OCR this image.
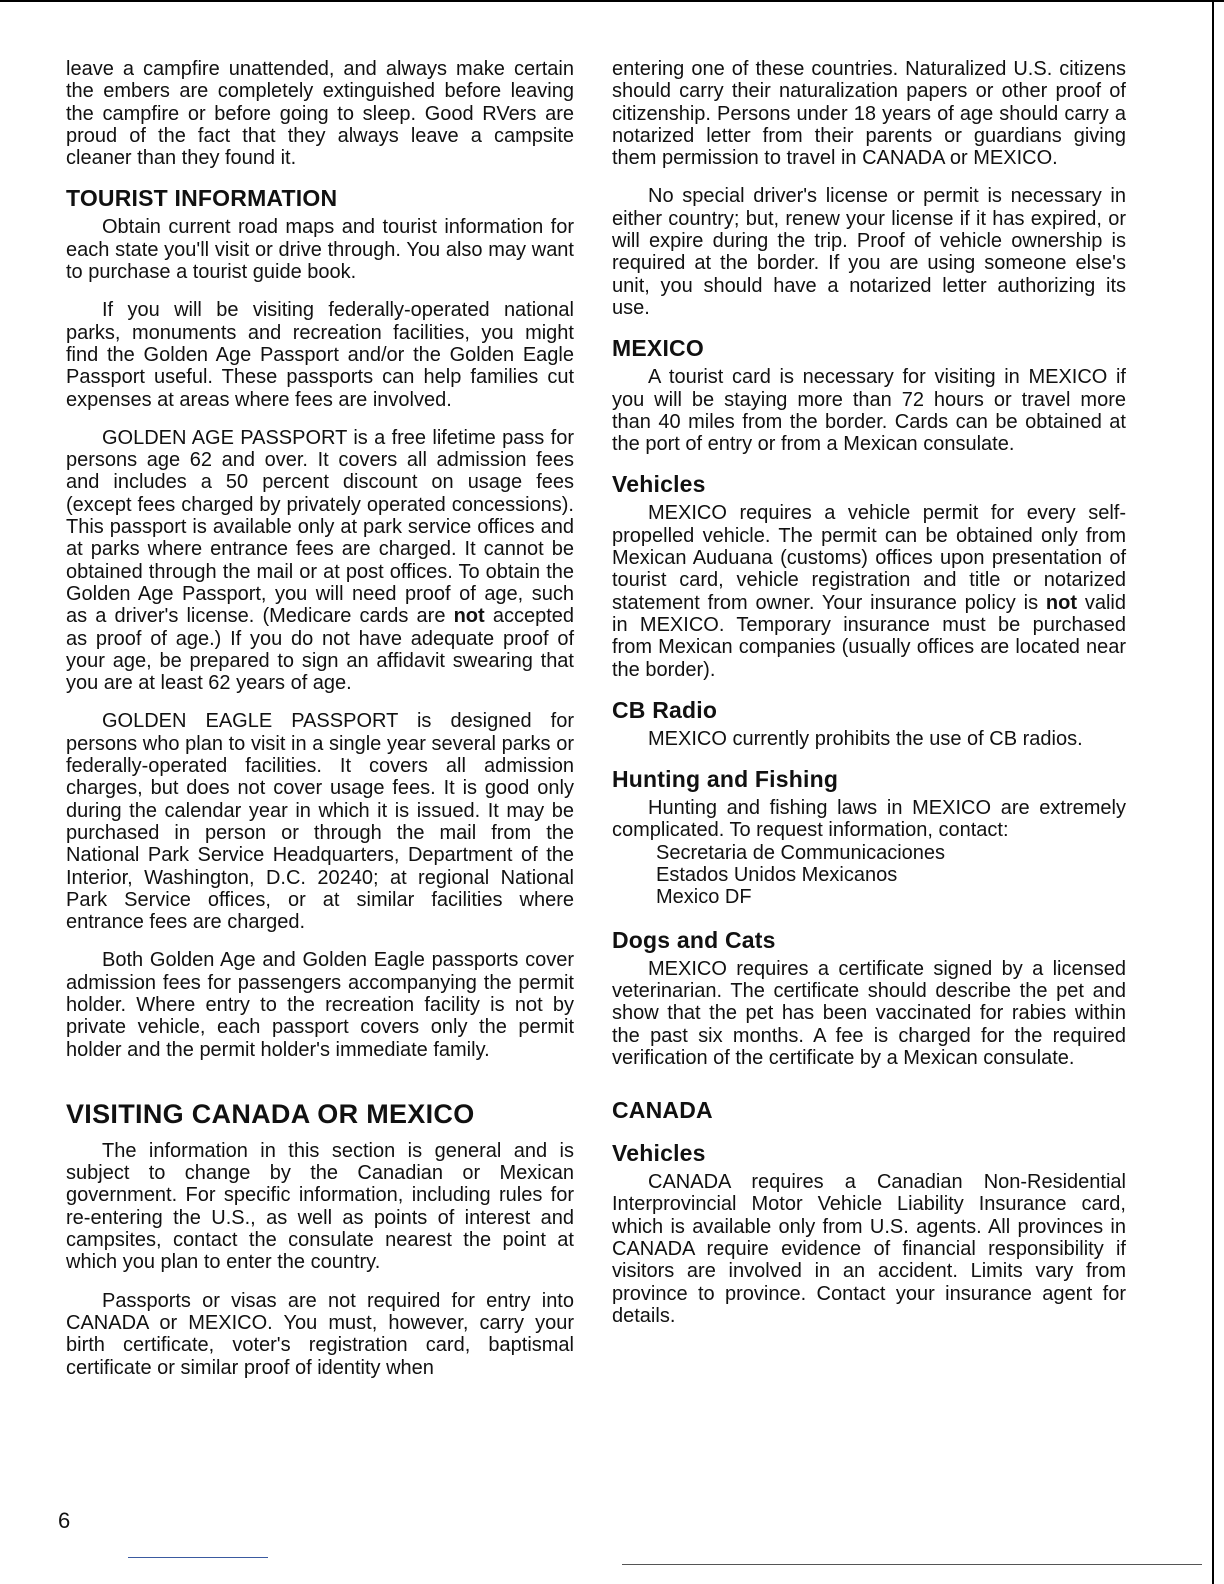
leave a campfire unattended, and always make certain the embers are completely extinguished before leaving the campfire or before going to sleep. Good RVers are proud of the fact that they always leave a campsite cleaner than they found it.

TOURIST INFORMATION

Obtain current road maps and tourist information for each state you'll visit or drive through. You also may want to purchase a tourist guide book.

If you will be visiting federally-operated national parks, monuments and recreation facilities, you might find the Golden Age Passport and/or the Golden Eagle Passport useful. These passports can help families cut expenses at areas where fees are involved.

GOLDEN AGE PASSPORT is a free lifetime pass for persons age 62 and over. It covers all admission fees and includes a 50 percent discount on usage fees (except fees charged by privately operated concessions). This passport is available only at park service offices and at parks where entrance fees are charged. It cannot be obtained through the mail or at post offices. To obtain the Golden Age Passport, you will need proof of age, such as a driver's license. (Medicare cards are not accepted as proof of age.) If you do not have adequate proof of your age, be prepared to sign an affidavit swearing that you are at least 62 years of age.

GOLDEN EAGLE PASSPORT is designed for persons who plan to visit in a single year several parks or federally-operated facilities. It covers all admission charges, but does not cover usage fees. It is good only during the calendar year in which it is issued. It may be purchased in person or through the mail from the National Park Service Headquarters, Department of the Interior, Washington, D.C. 20240; at regional National Park Service offices, or at similar facilities where entrance fees are charged.

Both Golden Age and Golden Eagle passports cover admission fees for passengers accompanying the permit holder. Where entry to the recreation facility is not by private vehicle, each passport covers only the permit holder and the permit holder's immediate family.

VISITING CANADA OR MEXICO

The information in this section is general and is subject to change by the Canadian or Mexican government. For specific information, including rules for re-entering the U.S., as well as points of interest and campsites, contact the consulate nearest the point at which you plan to enter the country.

Passports or visas are not required for entry into CANADA or MEXICO. You must, however, carry your birth certificate, voter's registration card, baptismal certificate or similar proof of identity when

entering one of these countries. Naturalized U.S. citizens should carry their naturalization papers or other proof of citizenship. Persons under 18 years of age should carry a notarized letter from their parents or guardians giving them permission to travel in CANADA or MEXICO.

No special driver's license or permit is necessary in either country; but, renew your license if it has expired, or will expire during the trip. Proof of vehicle ownership is required at the border. If you are using someone else's unit, you should have a notarized letter authorizing its use.

MEXICO

A tourist card is necessary for visiting in MEXICO if you will be staying more than 72 hours or travel more than 40 miles from the border. Cards can be obtained at the port of entry or from a Mexican consulate.

Vehicles

MEXICO requires a vehicle permit for every self-propelled vehicle. The permit can be obtained only from Mexican Auduana (customs) offices upon presentation of tourist card, vehicle registration and title or notarized statement from owner. Your insurance policy is not valid in MEXICO. Temporary insurance must be purchased from Mexican companies (usually offices are located near the border).

CB Radio

MEXICO currently prohibits the use of CB radios.

Hunting and Fishing

Hunting and fishing laws in MEXICO are extremely complicated. To request information, contact:

Secretaria de Communicaciones
Estados Unidos Mexicanos
Mexico DF
Dogs and Cats

MEXICO requires a certificate signed by a licensed veterinarian. The certificate should describe the pet and show that the pet has been vaccinated for rabies within the past six months. A fee is charged for the required verification of the certificate by a Mexican consulate.

CANADA
Vehicles

CANADA requires a Canadian Non-Residential Interprovincial Motor Vehicle Liability Insurance card, which is available only from U.S. agents. All provinces in CANADA require evidence of financial responsibility if visitors are involved in an accident. Limits vary from province to province. Contact your insurance agent for details.

6
